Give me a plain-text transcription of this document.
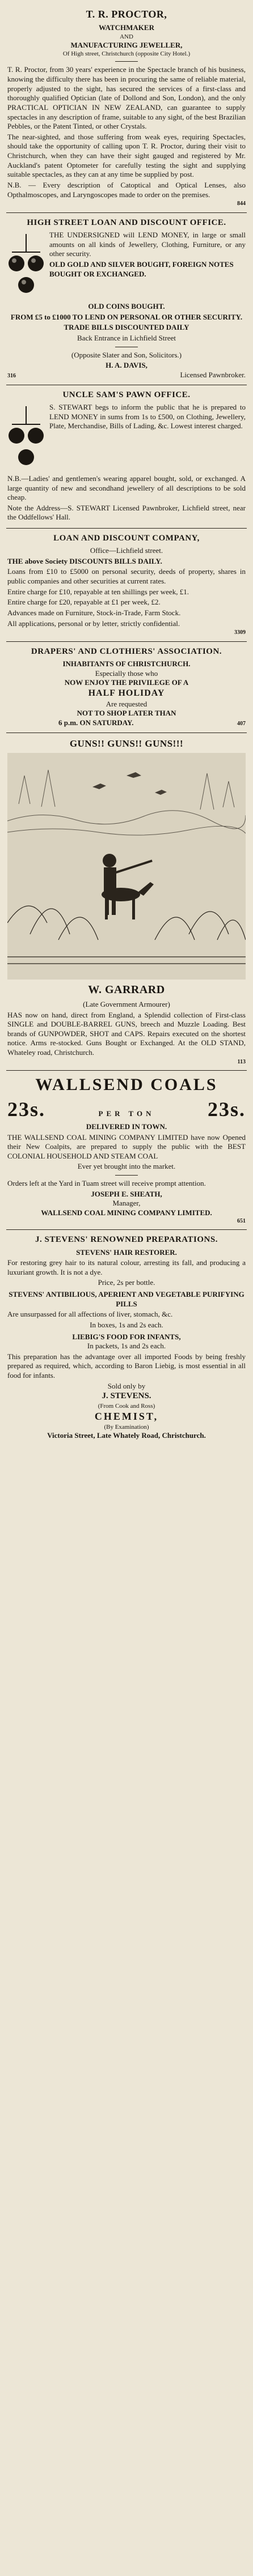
T. R. PROCTOR,
WATCHMAKER
AND
MANUFACTURING JEWELLER,
Of High street, Christchurch (opposite City Hotel.)

T. R. Proctor, from 30 years' experience in the Spectacle branch of his business, knowing the difficulty there has been in procuring the same of reliable material, properly adjusted to the sight, has secured the services of a first-class and thoroughly qualified Optician (late of Dollond and Son, London), and the only PRACTICAL OPTICIAN IN NEW ZEALAND, can guarantee to supply spectacles in any description of frame, suitable to any sight, of the best Brazilian Pebbles, or the Patent Tinted, or other Crystals.

The near-sighted, and those suffering from weak eyes, requiring Spectacles, should take the opportunity of calling upon T. R. Proctor, during their visit to Christchurch, when they can have their sight gauged and registered by Mr. Auckland's patent Optometer for carefully testing the sight and supplying suitable spectacles, as they can at any time be supplied by post.

N.B. — Every description of Catoptical and Optical Lenses, also Opthalmoscopes, and Laryngoscopes made to order on the premises.

844
HIGH STREET LOAN AND DISCOUNT OFFICE.

THE UNDERSIGNED will LEND MONEY, in large or small amounts on all kinds of Jewellery, Clothing, Furniture, or any other security.

OLD GOLD AND SILVER BOUGHT, FOREIGN NOTES BOUGHT OR EXCHANGED.

OLD COINS BOUGHT.

FROM £5 to £1000 TO LEND ON PERSONAL OR OTHER SECURITY.

TRADE BILLS DISCOUNTED DAILY

Back Entrance in Lichfield Street

(Opposite Slater and Son, Solicitors.)

H. A. DAVIS,
316	Licensed Pawnbroker.
UNCLE SAM'S PAWN OFFICE.

S. STEWART begs to inform the public that he is prepared to LEND MONEY in sums from 1s to £500, on Clothing, Jewellery, Plate, Merchandise, Bills of Lading, &c. Lowest interest charged.

N.B.—Ladies' and gentlemen's wearing apparel bought, sold, or exchanged. A large quantity of new and secondhand jewellery of all descriptions to be sold cheap.

Note the Address—S. STEWART Licensed Pawnbroker, Lichfield street, near the Oddfellows' Hall.

LOAN AND DISCOUNT COMPANY,
Office—Lichfield street.

THE above Society DISCOUNTS BILLS DAILY.

Loans from £10 to £5000 on personal security, deeds of property, shares in public companies and other securities at current rates.

Entire charge for £10, repayable at ten shillings per week, £1.

Entire charge for £20, repayable at £1 per week, £2.

Advances made on Furniture, Stock-in-Trade, Farm Stock.

All applications, personal or by letter, strictly confidential.

3309
DRAPERS' AND CLOTHIERS' ASSOCIATION.
INHABITANTS OF CHRISTCHURCH.
Especially those who
NOW ENJOY THE PRIVILEGE OF A
HALF HOLIDAY
Are requested
NOT TO SHOP LATER THAN
6 p.m. ON SATURDAY.	407
GUNS!! GUNS!! GUNS!!!
W. GARRARD
(Late Government Armourer)

HAS now on hand, direct from England, a Splendid collection of First-class SINGLE and DOUBLE-BARREL GUNS, breech and Muzzle Loading. Best brands of GUNPOWDER, SHOT and CAPS. Repairs executed on the shortest notice. Arms re-stocked. Guns Bought or Exchanged. At the OLD STAND, Whateley road, Christchurch.

113
WALLSEND COALS
23s.	PER TON	23s.
DELIVERED IN TOWN.

THE WALLSEND COAL MINING COMPANY LIMITED have now Opened their New Coalpits, are prepared to supply the public with the BEST COLONIAL HOUSEHOLD AND STEAM COAL

Ever yet brought into the market.

Orders left at the Yard in Tuam street will receive prompt attention.

JOSEPH E. SHEATH,
Manager,
WALLSEND COAL MINING COMPANY LIMITED.
651
J. STEVENS' RENOWNED PREPARATIONS.
STEVENS' HAIR RESTORER.

For restoring grey hair to its natural colour, arresting its fall, and producing a luxuriant growth. It is not a dye.

Price, 2s per bottle.
STEVENS' ANTIBILIOUS, APERIENT AND VEGETABLE PURIFYING PILLS

Are unsurpassed for all affections of liver, stomach, &c.

In boxes, 1s and 2s each.
LIEBIG'S FOOD FOR INFANTS,
In packets, 1s and 2s each.

This preparation has the advantage over all imported Foods by being freshly prepared as required, which, according to Baron Liebig, is most essential in all food for infants.

Sold only by
J. STEVENS.
(From Cook and Ross)
CHEMIST,
(By Examination)
Victoria Street, Late Whately Road, Christchurch.
